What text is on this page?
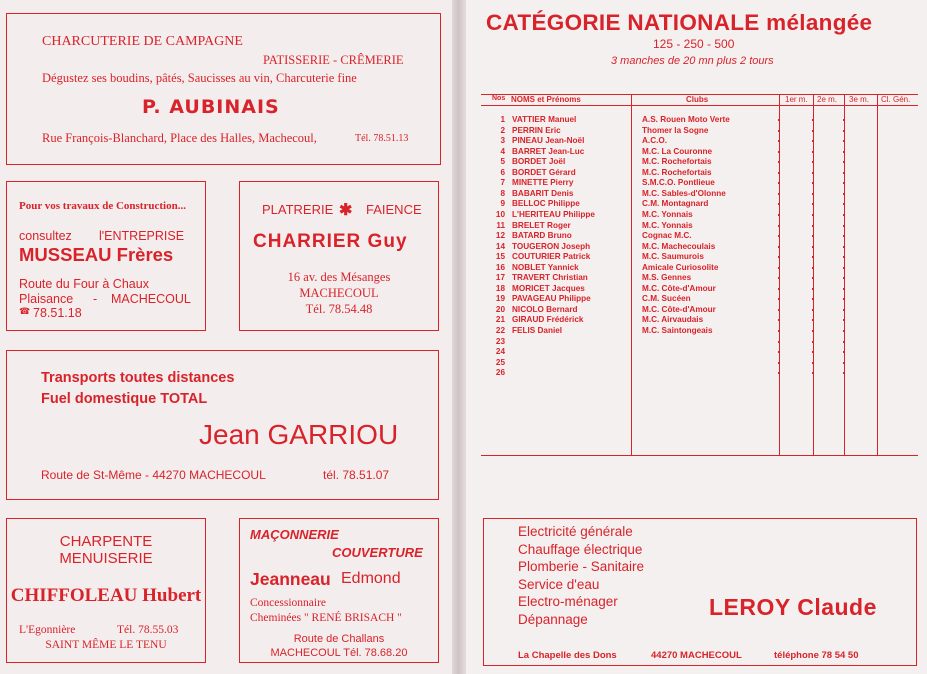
CHARCUTERIE DE CAMPAGNE
PATISSERIE - CRÊMERIE
Dégustez ses boudins, pâtés, Saucisses au vin, Charcuterie fine
P. AUBINAIS
Rue François-Blanchard, Place des Halles, Machecoul,	Tél. 78.51.13
Pour vos travaux de Construction...
consultez l'ENTREPRISE
MUSSEAU Frères
Route du Four à Chaux
Plaisance - MACHECOUL
☎ 78.51.18
PLATRERIE ✱ FAIENCE
CHARRIER Guy
16 av. des Mésanges
MACHECOUL
Tél. 78.54.48
Transports toutes distances
Fuel domestique TOTAL
Jean GARRIOU
Route de St-Même - 44270 MACHECOUL	tél. 78.51.07
CHARPENTE
MENUISERIE
CHIFFOLEAU Hubert
L'Egonnière	Tél. 78.55.03
SAINT MÊME LE TENU
MAÇONNERIE
COUVERTURE
Jeanneau Edmond
Concessionnaire
Cheminées " RENÉ BRISACH "
Route de Challans
MACHECOUL Tél. 78.68.20
CATÉGORIE NATIONALE mélangée
125 - 250 - 500
3 manches de 20 mn plus 2 tours
Nos NOMS et Prénoms	Clubs	1er m. 2e m. 3e m. Cl. Gén.
1 VATTIER Manuel	A.S. Rouen Moto Verte
2 PERRIN Eric	Thomer la Sogne
3 PINEAU Jean-Noël	A.C.O.
4 BARRET Jean-Luc	M.C. La Couronne
5 BORDET Joël	M.C. Rochefortais
6 BORDET Gérard	M.C. Rochefortais
7 MINETTE Pierry	S.M.C.O. Pontlieue
8 BABARIT Denis	M.C. Sables-d'Olonne
9 BELLOC Philippe	C.M. Montagnard
10 L'HERITEAU Philippe	M.C. Yonnais
11 BRELET Roger	M.C. Yonnais
12 BATARD Bruno	Cognac M.C.
14 TOUGERON Joseph	M.C. Machecoulais
15 COUTURIER Patrick	M.C. Saumurois
16 NOBLET Yannick	Amicale Curiosolite
17 TRAVERT Christian	M.S. Gennes
18 MORICET Jacques	M.C. Côte-d'Amour
19 PAVAGEAU Philippe	C.M. Sucéen
20 NICOLO Bernard	M.C. Côte-d'Amour
21 GIRAUD Frédérick	M.C. Airvaudais
22 FELIS Daniel	M.C. Saintongeais
23
24
25
26
Electricité générale
Chauffage électrique
Plomberie - Sanitaire
Service d'eau
Electro-ménager
Dépannage	LEROY Claude
La Chapelle des Dons	44270 MACHECOUL	téléphone 78 54 50
